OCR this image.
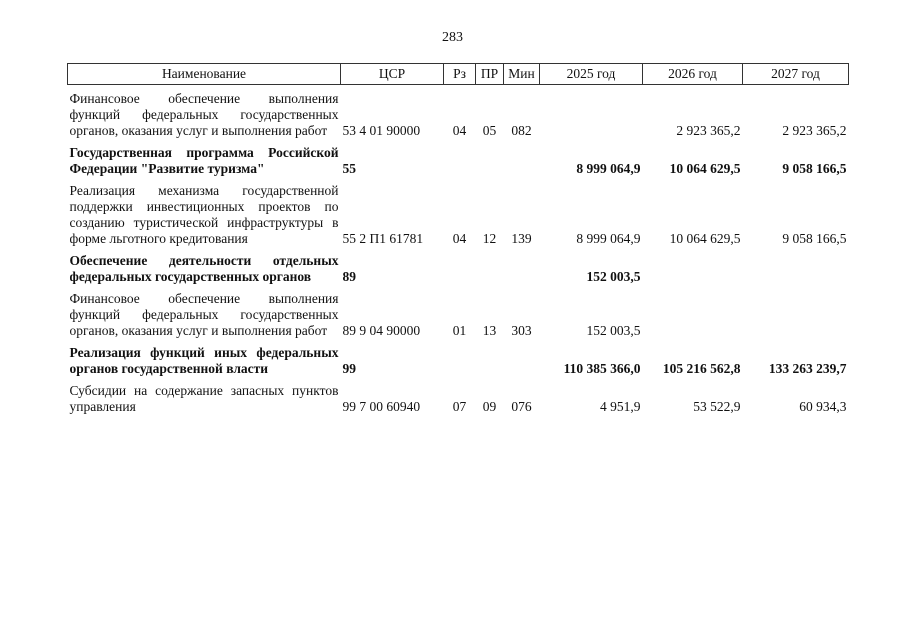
283
Наименование	ЦСР	Рз	ПР	Мин	2025 год	2026 год	2027 год
Финансовое обеспечение выполнения функций федеральных государственных органов, оказания услуг и выполнения работ	53 4 01 90000	04	05	082		2 923 365,2	2 923 365,2
Государственная программа Российской Федерации "Развитие туризма"	55				8 999 064,9	10 064 629,5	9 058 166,5
Реализация механизма государственной поддержки инвестиционных проектов по созданию туристической инфраструктуры в форме льготного кредитования	55 2 П1 61781	04	12	139	8 999 064,9	10 064 629,5	9 058 166,5
Обеспечение деятельности отдельных федеральных государственных органов	89				152 003,5		
Финансовое обеспечение выполнения функций федеральных государственных органов, оказания услуг и выполнения работ	89 9 04 90000	01	13	303	152 003,5		
Реализация функций иных федеральных органов государственной власти	99				110 385 366,0	105 216 562,8	133 263 239,7
Субсидии на содержание запасных пунктов управления	99 7 00 60940	07	09	076	4 951,9	53 522,9	60 934,3
